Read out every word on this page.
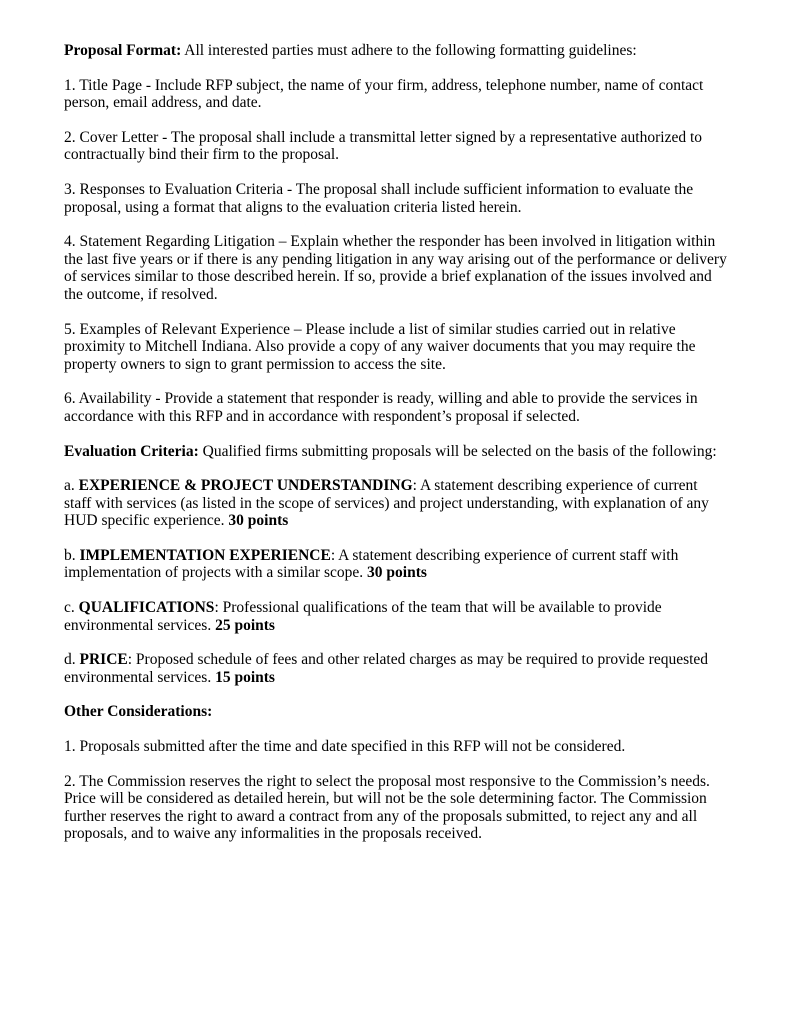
Proposal Format: All interested parties must adhere to the following formatting guidelines:

1. Title Page - Include RFP subject, the name of your firm, address, telephone number, name of contact person, email address, and date.

2. Cover Letter - The proposal shall include a transmittal letter signed by a representative authorized to contractually bind their firm to the proposal.

3. Responses to Evaluation Criteria - The proposal shall include sufficient information to evaluate the proposal, using a format that aligns to the evaluation criteria listed herein.

4. Statement Regarding Litigation – Explain whether the responder has been involved in litigation within the last five years or if there is any pending litigation in any way arising out of the performance or delivery of services similar to those described herein. If so, provide a brief explanation of the issues involved and the outcome, if resolved.

5. Examples of Relevant Experience – Please include a list of similar studies carried out in relative proximity to Mitchell Indiana. Also provide a copy of any waiver documents that you may require the property owners to sign to grant permission to access the site.

6. Availability - Provide a statement that responder is ready, willing and able to provide the services in accordance with this RFP and in accordance with respondent’s proposal if selected.

Evaluation Criteria: Qualified firms submitting proposals will be selected on the basis of the following:

a. EXPERIENCE & PROJECT UNDERSTANDING: A statement describing experience of current staff with services (as listed in the scope of services) and project understanding, with explanation of any HUD specific experience. 30 points

b. IMPLEMENTATION EXPERIENCE: A statement describing experience of current staff with implementation of projects with a similar scope. 30 points

c. QUALIFICATIONS: Professional qualifications of the team that will be available to provide environmental services. 25 points

d. PRICE: Proposed schedule of fees and other related charges as may be required to provide requested environmental services. 15 points

Other Considerations:

1. Proposals submitted after the time and date specified in this RFP will not be considered.

2. The Commission reserves the right to select the proposal most responsive to the Commission’s needs. Price will be considered as detailed herein, but will not be the sole determining factor. The Commission further reserves the right to award a contract from any of the proposals submitted, to reject any and all proposals, and to waive any informalities in the proposals received.
